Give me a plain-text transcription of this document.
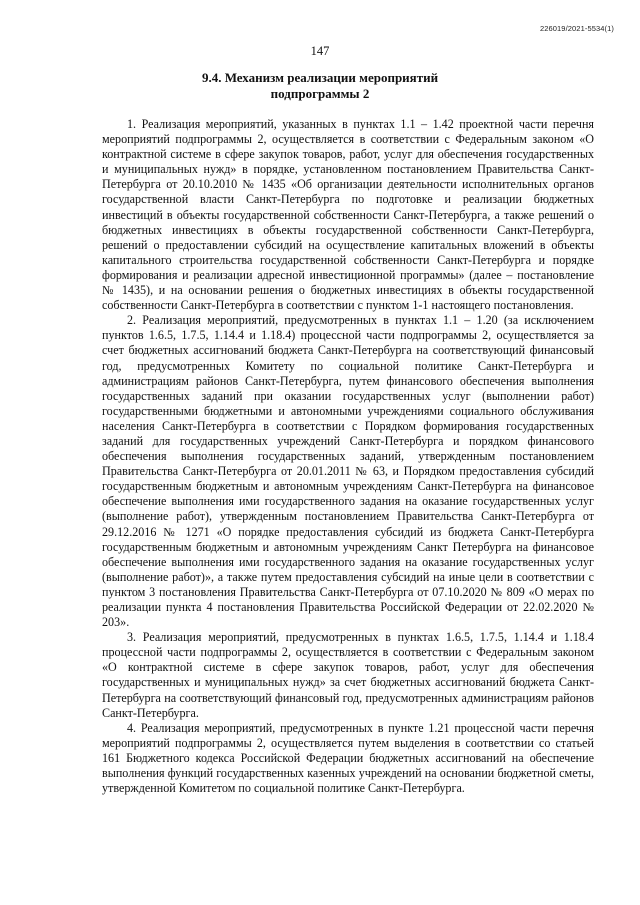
226019/2021-5534(1)
147
9.4. Механизм реализации мероприятий
подпрограммы 2

1. Реализация мероприятий, указанных в пунктах 1.1 – 1.42 проектной части перечня мероприятий подпрограммы 2, осуществляется в соответствии с Федеральным законом «О контрактной системе в сфере закупок товаров, работ, услуг для обеспечения государственных и муниципальных нужд» в порядке, установленном постановлением Правительства Санкт-Петербурга от 20.10.2010 № 1435 «Об организации деятельности исполнительных органов государственной власти Санкт-Петербурга по подготовке и реализации бюджетных инвестиций в объекты государственной собственности Санкт-Петербурга, а также решений о бюджетных инвестициях в объекты государственной собственности Санкт-Петербурга, решений о предоставлении субсидий на осуществление капитальных вложений в объекты капитального строительства государственной собственности Санкт-Петербурга и порядке формирования и реализации адресной инвестиционной программы» (далее – постановление № 1435), и на основании решения о бюджетных инвестициях в объекты государственной собственности Санкт-Петербурга в соответствии с пунктом 1-1 настоящего постановления.

2. Реализация мероприятий, предусмотренных в пунктах 1.1 – 1.20 (за исключением пунктов 1.6.5, 1.7.5, 1.14.4 и 1.18.4) процессной части подпрограммы 2, осуществляется за счет бюджетных ассигнований бюджета Санкт-Петербурга на соответствующий финансовый год, предусмотренных Комитету по социальной политике Санкт-Петербурга и администрациям районов Санкт-Петербурга, путем финансового обеспечения выполнения государственных заданий при оказании государственных услуг (выполнении работ) государственными бюджетными и автономными учреждениями социального обслуживания населения Санкт-Петербурга в соответствии с Порядком формирования государственных заданий для государственных учреждений Санкт-Петербурга и порядком финансового обеспечения выполнения государственных заданий, утвержденным постановлением Правительства Санкт-Петербурга от 20.01.2011 № 63, и Порядком предоставления субсидий государственным бюджетным и автономным учреждениям Санкт-Петербурга на финансовое обеспечение выполнения ими государственного задания на оказание государственных услуг (выполнение работ), утвержденным постановлением Правительства Санкт-Петербурга от 29.12.2016 № 1271 «О порядке предоставления субсидий из бюджета Санкт-Петербурга государственным бюджетным и автономным учреждениям Санкт Петербурга на финансовое обеспечение выполнения ими государственного задания на оказание государственных услуг (выполнение работ)», а также путем предоставления субсидий на иные цели в соответствии с пунктом 3 постановления Правительства Санкт-Петербурга от 07.10.2020 № 809 «О мерах по реализации пункта 4 постановления Правительства Российской Федерации от 22.02.2020 № 203».

3. Реализация мероприятий, предусмотренных в пунктах 1.6.5, 1.7.5, 1.14.4 и 1.18.4 процессной части подпрограммы 2, осуществляется в соответствии с Федеральным законом «О контрактной системе в сфере закупок товаров, работ, услуг для обеспечения государственных и муниципальных нужд» за счет бюджетных ассигнований бюджета Санкт-Петербурга на соответствующий финансовый год, предусмотренных администрациям районов Санкт-Петербурга.

4. Реализация мероприятий, предусмотренных в пункте 1.21 процессной части перечня мероприятий подпрограммы 2, осуществляется путем выделения в соответствии со статьей 161 Бюджетного кодекса Российской Федерации бюджетных ассигнований на обеспечение выполнения функций государственных казенных учреждений на основании бюджетной сметы, утвержденной Комитетом по социальной политике Санкт-Петербурга.
